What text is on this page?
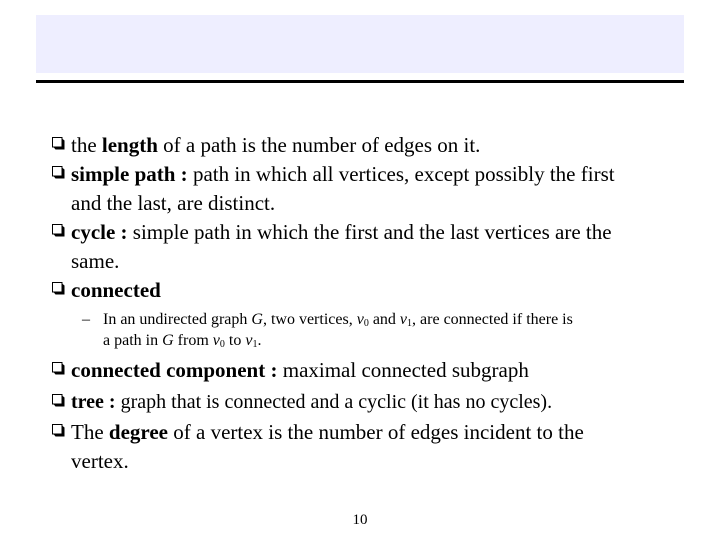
the length of a path is the number of edges on it.
simple path : path in which all vertices, except possibly the first
and the last, are distinct.
cycle : simple path in which the first and the last vertices are the
same.
connected
– In an undirected graph G, two vertices, $v_0$ and $v_1$, are connected if there is
a path in G from $v_0$ to $v_1$.
connected component : maximal connected subgraph
tree : graph that is connected and a cyclic (it has no cycles).
The degree of a vertex is the number of edges incident to the
vertex.
10
